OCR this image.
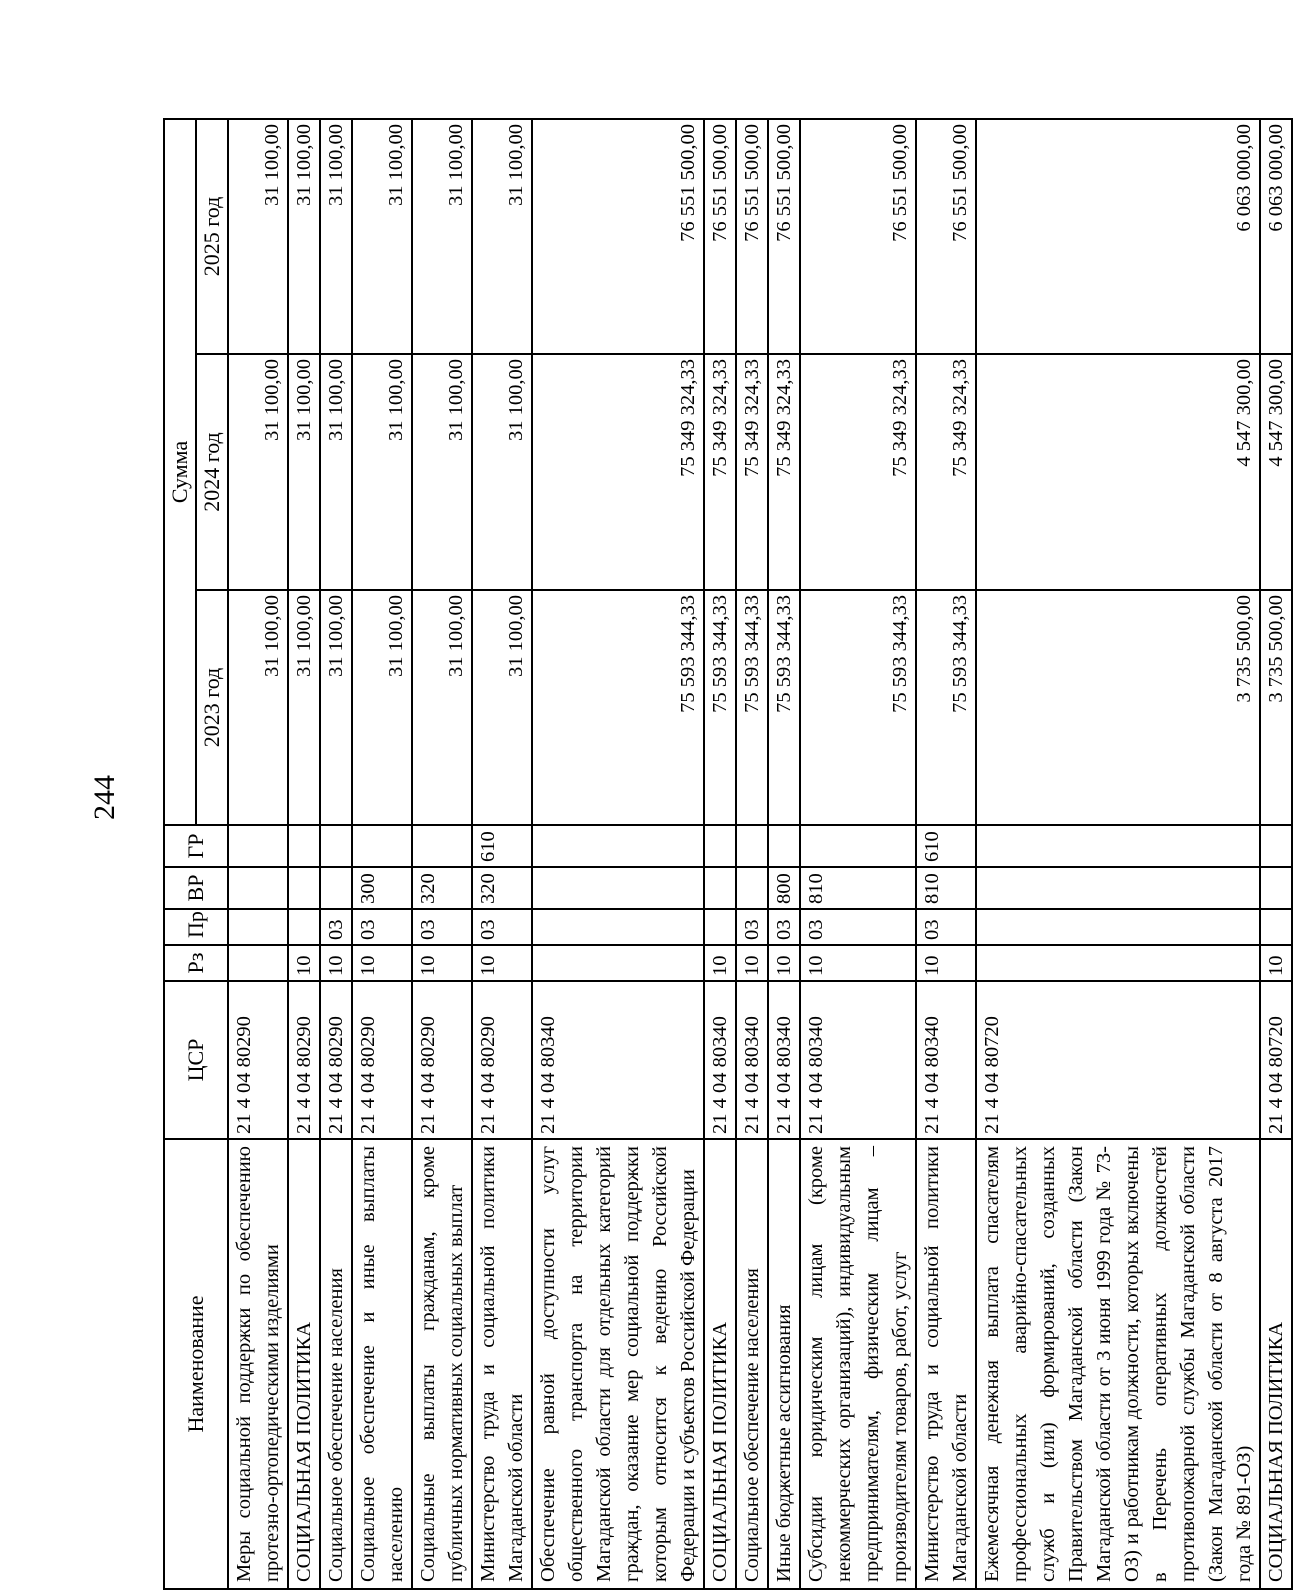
244
Наименование	ЦСР	Рз	Пр	ВР	ГР	Сумма		
						2023 год	2024 год	2025 год
Меры социальной поддержки по обеспечению протезно-ортопедическими изделиями	21 4 04 80290					31 100,00	31 100,00	31 100,00
СОЦИАЛЬНАЯ ПОЛИТИКА	21 4 04 80290	10				31 100,00	31 100,00	31 100,00
Социальное обеспечение населения	21 4 04 80290	10	03			31 100,00	31 100,00	31 100,00
Социальное обеспечение и иные выплаты населению	21 4 04 80290	10	03	300		31 100,00	31 100,00	31 100,00
Социальные выплаты гражданам, кроме публичных нормативных социальных выплат	21 4 04 80290	10	03	320		31 100,00	31 100,00	31 100,00
Министерство труда и социальной политики Магаданской области	21 4 04 80290	10	03	320	610	31 100,00	31 100,00	31 100,00
Обеспечение равной доступности услуг общественного транспорта на территории Магаданской области для отдельных категорий граждан, оказание мер социальной поддержки которым относится к ведению Российской Федерации и субъектов Российской Федерации	21 4 04 80340					75 593 344,33	75 349 324,33	76 551 500,00
СОЦИАЛЬНАЯ ПОЛИТИКА	21 4 04 80340	10				75 593 344,33	75 349 324,33	76 551 500,00
Социальное обеспечение населения	21 4 04 80340	10	03			75 593 344,33	75 349 324,33	76 551 500,00
Иные бюджетные ассигнования	21 4 04 80340	10	03	800		75 593 344,33	75 349 324,33	76 551 500,00
Субсидии юридическим лицам (кроме некоммерческих организаций), индивидуальным предпринимателям, физическим лицам – производителям товаров, работ, услуг	21 4 04 80340	10	03	810		75 593 344,33	75 349 324,33	76 551 500,00
Министерство труда и социальной политики Магаданской области	21 4 04 80340	10	03	810	610	75 593 344,33	75 349 324,33	76 551 500,00
Ежемесячная денежная выплата спасателям профессиональных аварийно-спасательных служб и (или) формирований, созданных Правительством Магаданской области (Закон Магаданской области от 3 июня 1999 года № 73-ОЗ) и работникам должности, которых включены в Перечень оперативных должностей противопожарной службы Магаданской области (Закон Магаданской области от 8 августа 2017 года № 891-ОЗ)	21 4 04 80720					3 735 500,00	4 547 300,00	6 063 000,00
СОЦИАЛЬНАЯ ПОЛИТИКА	21 4 04 80720	10				3 735 500,00	4 547 300,00	6 063 000,00
